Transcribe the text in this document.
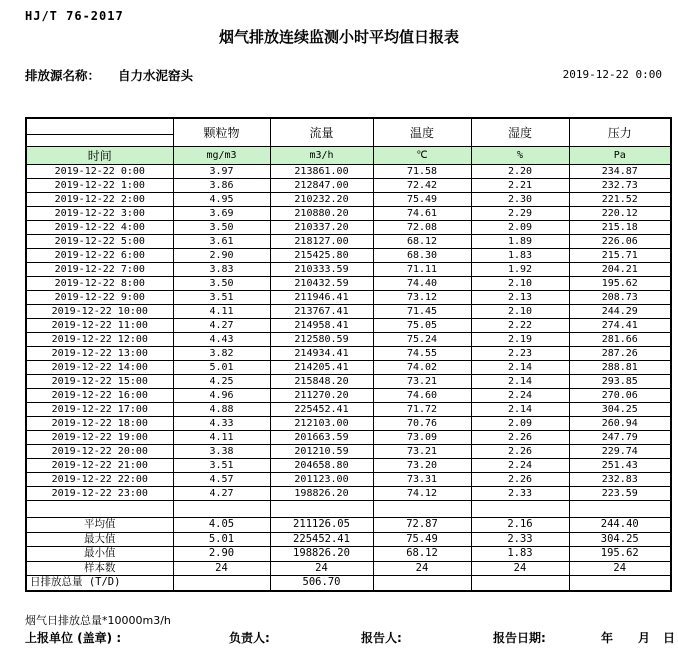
HJ/T 76-2017
烟气排放连续监测小时平均值日报表
排放源名称： 自力水泥窑头	2019-12-22 0:00
	颗粒物	流量	温度	湿度	压力

时间	mg/m3	m3/h	℃	%	Pa
2019-12-22 0:00	3.97	213861.00	71.58	2.20	234.87
2019-12-22 1:00	3.86	212847.00	72.42	2.21	232.73
2019-12-22 2:00	4.95	210232.20	75.49	2.30	221.52
2019-12-22 3:00	3.69	210880.20	74.61	2.29	220.12
2019-12-22 4:00	3.50	210337.20	72.08	2.09	215.18
2019-12-22 5:00	3.61	218127.00	68.12	1.89	226.06
2019-12-22 6:00	2.90	215425.80	68.30	1.83	215.71
2019-12-22 7:00	3.83	210333.59	71.11	1.92	204.21
2019-12-22 8:00	3.50	210432.59	74.40	2.10	195.62
2019-12-22 9:00	3.51	211946.41	73.12	2.13	208.73
2019-12-22 10:00	4.11	213767.41	71.45	2.10	244.29
2019-12-22 11:00	4.27	214958.41	75.05	2.22	274.41
2019-12-22 12:00	4.43	212580.59	75.24	2.19	281.66
2019-12-22 13:00	3.82	214934.41	74.55	2.23	287.26
2019-12-22 14:00	5.01	214205.41	74.02	2.14	288.81
2019-12-22 15:00	4.25	215848.20	73.21	2.14	293.85
2019-12-22 16:00	4.96	211270.20	74.60	2.24	270.06
2019-12-22 17:00	4.88	225452.41	71.72	2.14	304.25
2019-12-22 18:00	4.33	212103.00	70.76	2.09	260.94
2019-12-22 19:00	4.11	201663.59	73.09	2.26	247.79
2019-12-22 20:00	3.38	201210.59	73.21	2.26	229.74
2019-12-22 21:00	3.51	204658.80	73.20	2.24	251.43
2019-12-22 22:00	4.57	201123.00	73.31	2.26	232.83
2019-12-22 23:00	4.27	198826.20	74.12	2.33	223.59

平均值	4.05	211126.05	72.87	2.16	244.40
最大值	5.01	225452.41	75.49	2.33	304.25
最小值	2.90	198826.20	68.12	1.83	195.62
样本数	24	24	24	24	24
日排放总量 (T/D)		506.70			
烟气日排放总量*10000m3/h
上报单位 (盖章) :	负责人:	报告人:	报告日期:	年 月 日
